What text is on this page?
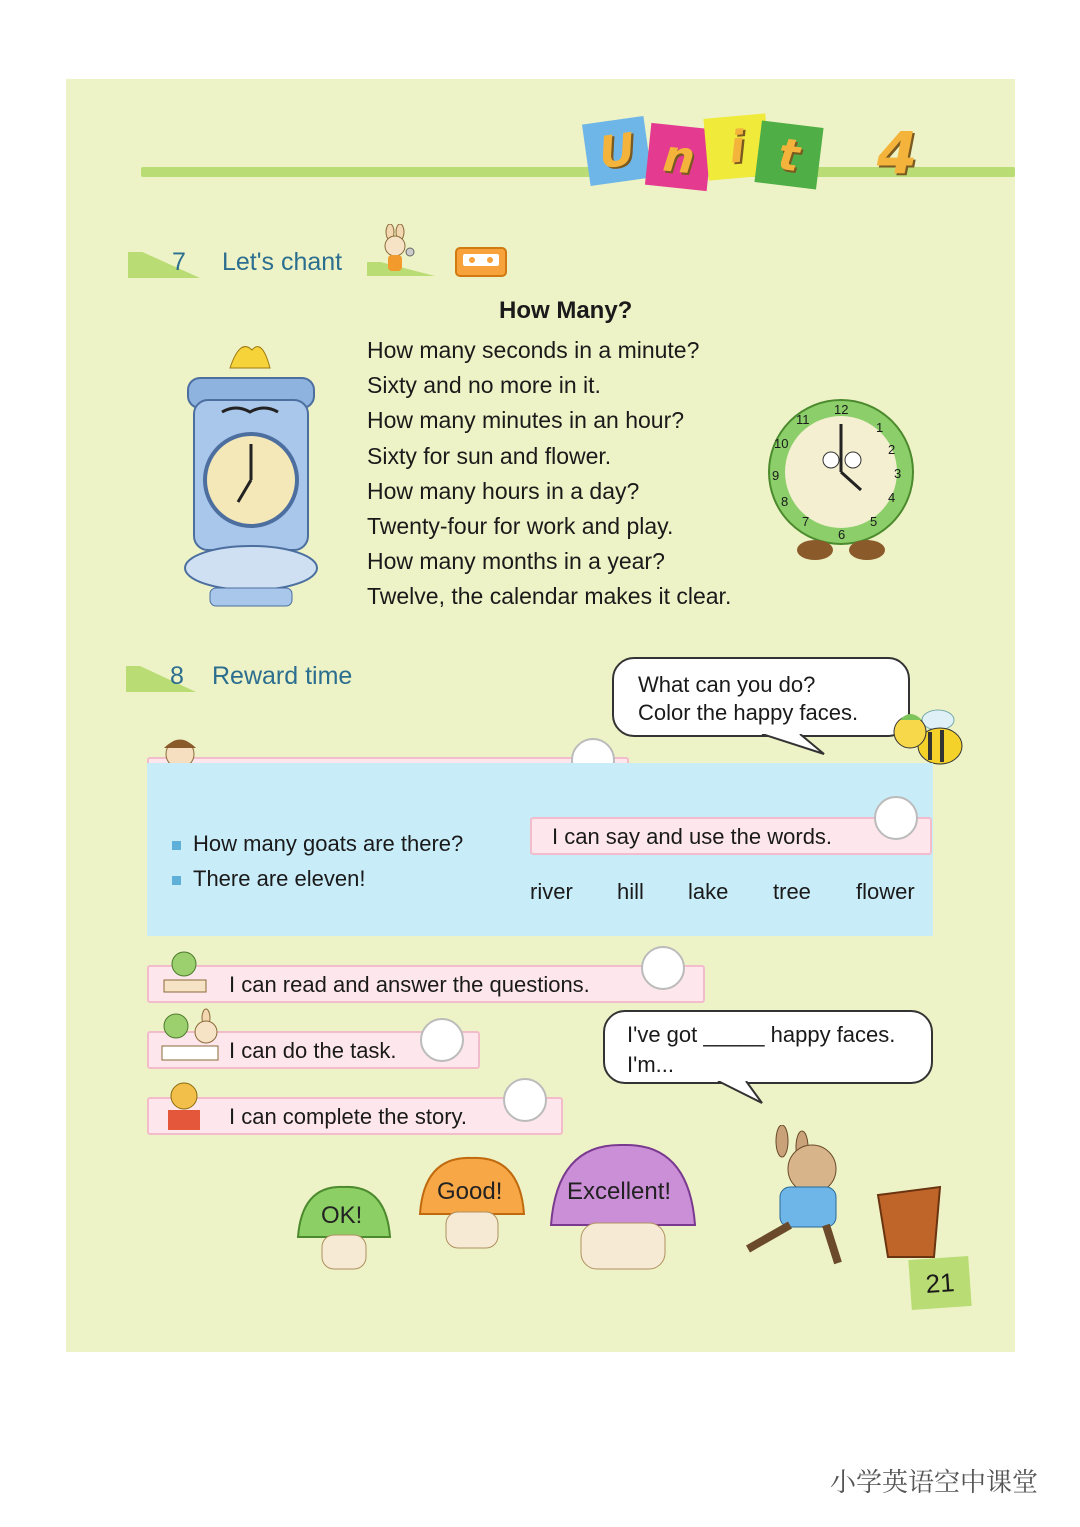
U n i t	4
7 Let's chant
How Many?
How many seconds in a minute?
Sixty and no more in it.
How many minutes in an hour?
Sixty for sun and flower.
How many hours in a day?
Twenty-four for work and play.
How many months in a year?
Twelve, the calendar makes it clear.
12
1
2
3
4
5
6
7
8
9
10
11
8 Reward time	What can you do?

Color the happy faces.

How many goats are there?
There are eleven!
I can say and use the words.
river hill lake tree flower
I can read and answer the questions.
I can do the task.
I can complete the story.

I've got _____ happy faces.

I'm...

OK!
Good!	Excellent!
21
小学英语空中课堂
